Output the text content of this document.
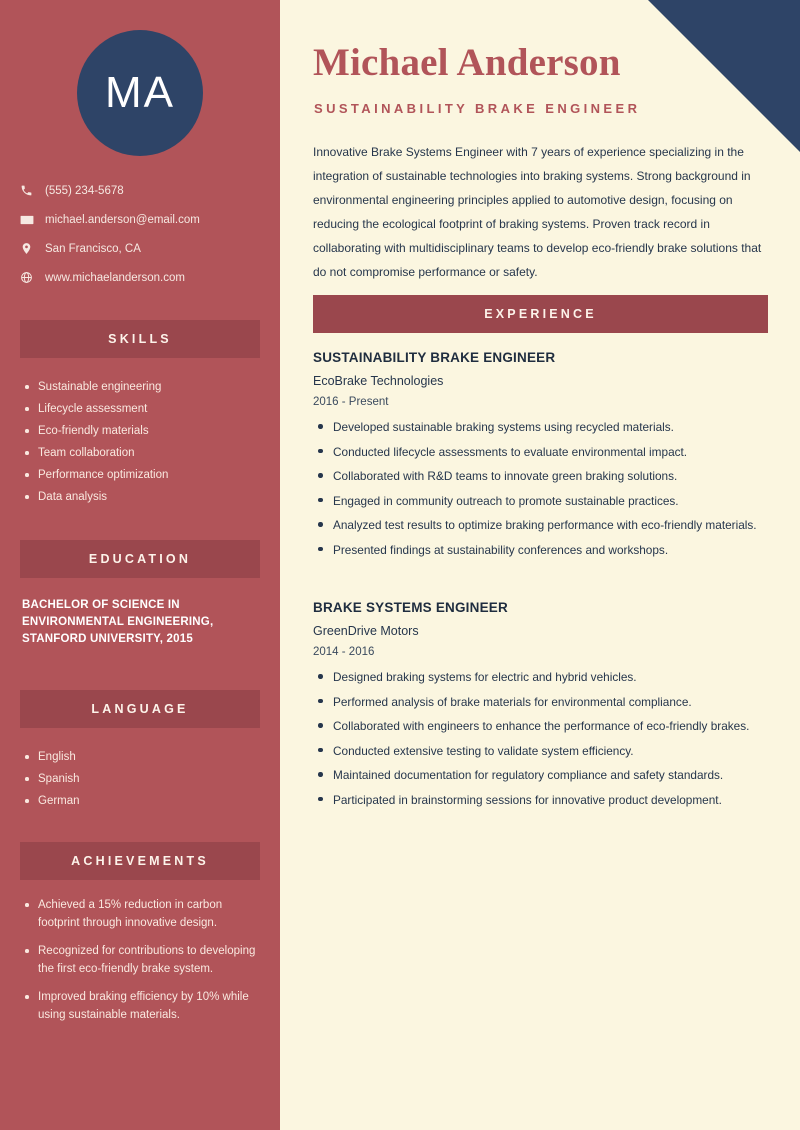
MA
(555) 234-5678
michael.anderson@email.com
San Francisco, CA
www.michaelanderson.com
SKILLS
Sustainable engineering
Lifecycle assessment
Eco-friendly materials
Team collaboration
Performance optimization
Data analysis
EDUCATION
BACHELOR OF SCIENCE IN ENVIRONMENTAL ENGINEERING, STANFORD UNIVERSITY, 2015
LANGUAGE
English
Spanish
German
ACHIEVEMENTS
Achieved a 15% reduction in carbon footprint through innovative design.
Recognized for contributions to developing the first eco-friendly brake system.
Improved braking efficiency by 10% while using sustainable materials.
Michael Anderson
SUSTAINABILITY BRAKE ENGINEER
Innovative Brake Systems Engineer with 7 years of experience specializing in the integration of sustainable technologies into braking systems. Strong background in environmental engineering principles applied to automotive design, focusing on reducing the ecological footprint of braking systems. Proven track record in collaborating with multidisciplinary teams to develop eco-friendly brake solutions that do not compromise performance or safety.
EXPERIENCE
SUSTAINABILITY BRAKE ENGINEER
EcoBrake Technologies
2016 - Present
Developed sustainable braking systems using recycled materials.
Conducted lifecycle assessments to evaluate environmental impact.
Collaborated with R&D teams to innovate green braking solutions.
Engaged in community outreach to promote sustainable practices.
Analyzed test results to optimize braking performance with eco-friendly materials.
Presented findings at sustainability conferences and workshops.
BRAKE SYSTEMS ENGINEER
GreenDrive Motors
2014 - 2016
Designed braking systems for electric and hybrid vehicles.
Performed analysis of brake materials for environmental compliance.
Collaborated with engineers to enhance the performance of eco-friendly brakes.
Conducted extensive testing to validate system efficiency.
Maintained documentation for regulatory compliance and safety standards.
Participated in brainstorming sessions for innovative product development.
